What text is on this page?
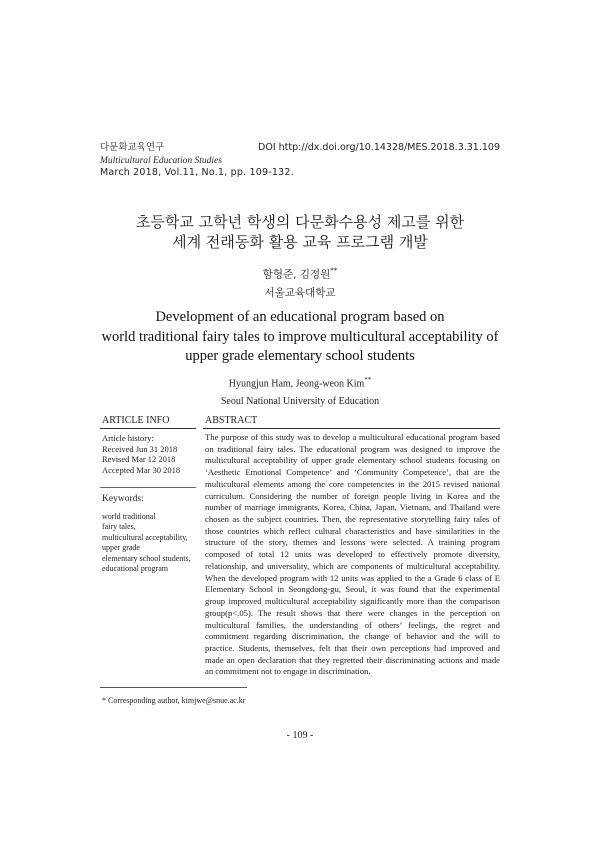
다문화교육연구
Multicultural Education Studies
March 2018, Vol.11, No.1, pp. 109-132.
DOI http://dx.doi.org/10.14328/MES.2018.3.31.109
초등학교 고학년 학생의 다문화수용성 제고를 위한
세계 전래동화 활용 교육 프로그램 개발
함형준, 김정원**
서울교육대학교
Development of an educational program based on
world traditional fairy tales to improve multicultural acceptability of
upper grade elementary school students
Hyungjun Ham, Jeong-weon Kim**
Seoul National University of Education
ARTICLE INFO
Article history:
Received Jun 31 2018
Revised Mar 12 2018
Accepted Mar 30 2018
Keywords:
world traditional
fairy tales,
multicultural acceptability,
upper grade
elementary school students,
educational program
ABSTRACT
The purpose of this study was to develop a multicultural educational program based on traditional fairy tales. The educational program was designed to improve the multicultural acceptability of upper grade elementary school students focusing on ‘Aesthetic Emotional Competence’ and ‘Community Competence’, that are the multicultural elements among the core competencies in the 2015 revised national curriculum. Considering the number of foreign people living in Korea and the number of marriage immigrants, Korea, China, Japan, Vietnam, and Thailand were chosen as the subject countries. Then, the representative storytelling fairy tales of those countries which reflect cultural characteristics and have similarities in the structure of the story, themes and lessons were selected. A training program composed of total 12 units was developed to effectively promote diversity, relationship, and universality, which are components of multicultural acceptability. When the developed program with 12 units was applied to the a Grade 6 class of E Elementary School in Seongdong-gu, Seoul, it was found that the experimental group improved multicultural acceptability significantly more than the comparison group(p<.05). The result shows that there were changes in the perception on multicultural families, the understanding of others’ feelings, the regret and commitment regarding discrimination, the change of behavior and the will to practice. Students, themselves, felt that their own perceptions had improved and made an open declaration that they regretted their discriminating actions and made an commitment not to engage in discrimination.
* Corresponding author, kimjwe@snue.ac.kr
- 109 -
